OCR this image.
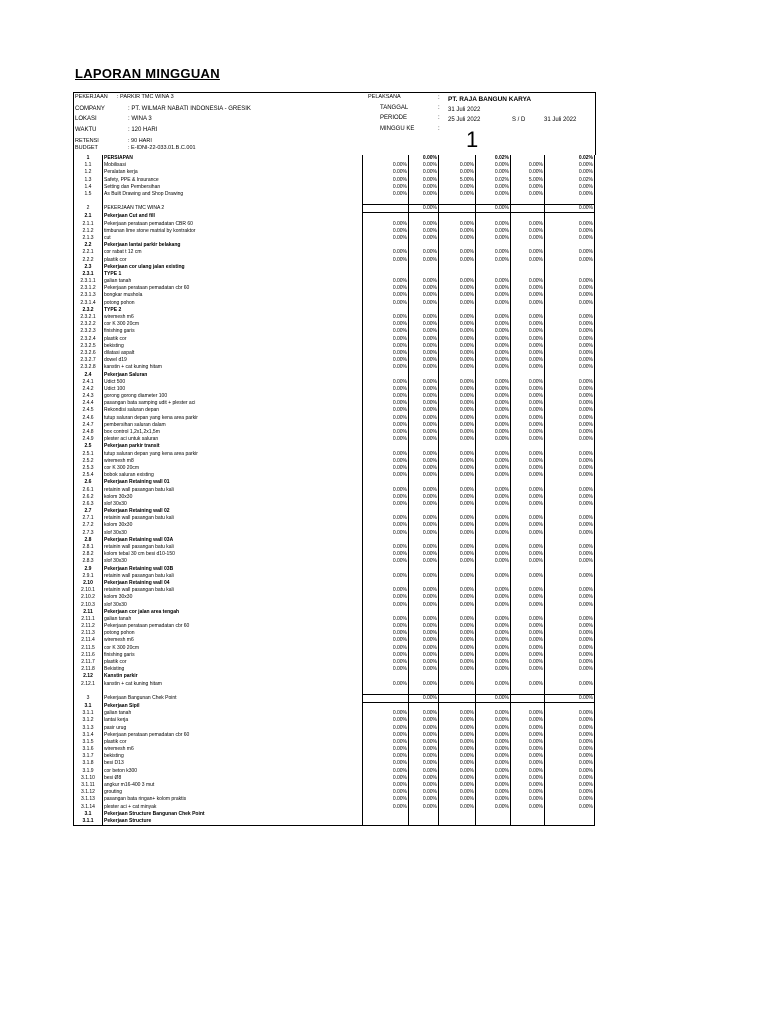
LAPORAN MINGGUAN
PEKERJAAN : PARKIR TMC WINA 3
COMPANY	: PT. WILMAR NABATI INDONESIA - GRESIK
LOKASI	: WINA 3
WAKTU	: 120 HARI
RETENSI	: 90 HARI
BUDGET	: E-IDNI-22-033.01.B.C.001
PELAKSANA	: PT. RAJA BANGUN KARYA
TANGGAL	: 31 Juli 2022
PERIODE	: 25 Juli 2022	S / D	31 Juli 2022
MINGGU KE	: 1
1	PERSIAPAN		0.00%		0.02%		0.02%
1.1	Mobilisasi	0.00%	0.00%	0.00%	0.00%	0.00%	0.00%
1.2	Peralatan kerja	0.00%	0.00%	0.00%	0.00%	0.00%	0.00%
1.3	Safety, PPE & Insurance	0.00%	0.00%	5.00%	0.02%	5.00%	0.02%
1.4	Setting dan Pembersihan	0.00%	0.00%	0.00%	0.00%	0.00%	0.00%
1.5	As Built Drawing and Shop Drawing	0.00%	0.00%	0.00%	0.00%	0.00%	0.00%

2	PEKERJAAN TMC WINA 2		0.00%		0.00%		0.00%
2.1	Pekerjaan Cut and fill						
2.1.1	Pekerjaan perataan pemadatan CBR 60	0.00%	0.00%	0.00%	0.00%	0.00%	0.00%
2.1.2	timbunan lime stone matrial by kontraktor	0.00%	0.00%	0.00%	0.00%	0.00%	0.00%
2.1.3	cut	0.00%	0.00%	0.00%	0.00%	0.00%	0.00%
2.2	Pekerjaan lantai parkir belakang						
2.2.1	cor rabat t 12 cm	0.00%	0.00%	0.00%	0.00%	0.00%	0.00%
2.2.2	plastik cor	0.00%	0.00%	0.00%	0.00%	0.00%	0.00%
2.3	Pekerjaan cor ulang jalan existing						
2.3.1	TYPE 1						
2.3.1.1	galian tanah	0.00%	0.00%	0.00%	0.00%	0.00%	0.00%
2.3.1.2	Pekerjaan perataan pemadatan cbr 60	0.00%	0.00%	0.00%	0.00%	0.00%	0.00%
2.3.1.3	bongkar mushola	0.00%	0.00%	0.00%	0.00%	0.00%	0.00%
2.3.1.4	potong pohon	0.00%	0.00%	0.00%	0.00%	0.00%	0.00%
2.3.2	TYPE 2						
2.3.2.1	wiremesh m6	0.00%	0.00%	0.00%	0.00%	0.00%	0.00%
2.3.2.2	cor K 300 20cm	0.00%	0.00%	0.00%	0.00%	0.00%	0.00%
2.3.2.3	finishing garis	0.00%	0.00%	0.00%	0.00%	0.00%	0.00%
2.3.2.4	plastik cor	0.00%	0.00%	0.00%	0.00%	0.00%	0.00%
2.3.2.5	bekisting	0.00%	0.00%	0.00%	0.00%	0.00%	0.00%
2.3.2.6	dilatasi aspalt	0.00%	0.00%	0.00%	0.00%	0.00%	0.00%
2.3.2.7	dowel d19	0.00%	0.00%	0.00%	0.00%	0.00%	0.00%
2.3.2.8	kanstin + cat kuning hitam	0.00%	0.00%	0.00%	0.00%	0.00%	0.00%
2.4	Pekerjaan Saluran						
2.4.1	Udict 500	0.00%	0.00%	0.00%	0.00%	0.00%	0.00%
2.4.2	Udict 100	0.00%	0.00%	0.00%	0.00%	0.00%	0.00%
2.4.3	gorong gorong diameter 100	0.00%	0.00%	0.00%	0.00%	0.00%	0.00%
2.4.4	pasangan bata samping udit + plester aci	0.00%	0.00%	0.00%	0.00%	0.00%	0.00%
2.4.5	Rekondisi saluran depan	0.00%	0.00%	0.00%	0.00%	0.00%	0.00%
2.4.6	tutup saluran depan yang kena area parkir	0.00%	0.00%	0.00%	0.00%	0.00%	0.00%
2.4.7	pembersihan saluran dalam	0.00%	0.00%	0.00%	0.00%	0.00%	0.00%
2.4.8	box control 1,2x1,2x1,5m	0.00%	0.00%	0.00%	0.00%	0.00%	0.00%
2.4.9	plester aci untuk saluran	0.00%	0.00%	0.00%	0.00%	0.00%	0.00%
2.5	Pekerjaan parkir transit						
2.5.1	tutup saluran depan yang kena area parkir	0.00%	0.00%	0.00%	0.00%	0.00%	0.00%
2.5.2	wiremesh m8	0.00%	0.00%	0.00%	0.00%	0.00%	0.00%
2.5.3	cor K 300 20cm	0.00%	0.00%	0.00%	0.00%	0.00%	0.00%
2.5.4	bobok saluran existing	0.00%	0.00%	0.00%	0.00%	0.00%	0.00%
2.6	Pekerjaan Retaining wall 01						
2.6.1	retainin wall pasangan batu kali	0.00%	0.00%	0.00%	0.00%	0.00%	0.00%
2.6.2	kolom 30x30	0.00%	0.00%	0.00%	0.00%	0.00%	0.00%
2.6.3	slof 30x30	0.00%	0.00%	0.00%	0.00%	0.00%	0.00%
2.7	Pekerjaan Retaining wall 02						
2.7.1	retainin wall pasangan batu kali	0.00%	0.00%	0.00%	0.00%	0.00%	0.00%
2.7.2	kolom 30x30	0.00%	0.00%	0.00%	0.00%	0.00%	0.00%
2.7.3	slof 30x30	0.00%	0.00%	0.00%	0.00%	0.00%	0.00%
2.8	Pekerjaan Retaining wall 03A						
2.8.1	retainin wall pasangan batu kali	0.00%	0.00%	0.00%	0.00%	0.00%	0.00%
2.8.2	kolom tebal 30 cm besi d10-150	0.00%	0.00%	0.00%	0.00%	0.00%	0.00%
2.8.3	slof 30x30	0.00%	0.00%	0.00%	0.00%	0.00%	0.00%
2.9	Pekerjaan Retaining wall 03B						
2.9.1	retainin wall pasangan batu kali	0.00%	0.00%	0.00%	0.00%	0.00%	0.00%
2.10	Pekerjaan Retaining wall 04						
2.10.1	retainin wall pasangan batu kali	0.00%	0.00%	0.00%	0.00%	0.00%	0.00%
2.10.2	kolom 30x30	0.00%	0.00%	0.00%	0.00%	0.00%	0.00%
2.10.3	slof 30x30	0.00%	0.00%	0.00%	0.00%	0.00%	0.00%
2.11	Pekerjaan cor jalan area tengah						
2.11.1	galian tanah	0.00%	0.00%	0.00%	0.00%	0.00%	0.00%
2.11.2	Pekerjaan perataan pemadatan cbr 60	0.00%	0.00%	0.00%	0.00%	0.00%	0.00%
2.11.3	potong pohon	0.00%	0.00%	0.00%	0.00%	0.00%	0.00%
2.11.4	wiremesh m6	0.00%	0.00%	0.00%	0.00%	0.00%	0.00%
2.11.5	cor K 300 20cm	0.00%	0.00%	0.00%	0.00%	0.00%	0.00%
2.11.6	finishing garis	0.00%	0.00%	0.00%	0.00%	0.00%	0.00%
2.11.7	plastik cor	0.00%	0.00%	0.00%	0.00%	0.00%	0.00%
2.11.8	Bekisting	0.00%	0.00%	0.00%	0.00%	0.00%	0.00%
2.12	Kanstin parkir						
2.12.1	kanstin + cat kuning hitam	0.00%	0.00%	0.00%	0.00%	0.00%	0.00%

3	Pekerjaan Bangunan Chek Point		0.00%		0.00%		0.00%
3.1	Pekerjaan Sipil						
3.1.1	galian tanah	0.00%	0.00%	0.00%	0.00%	0.00%	0.00%
3.1.2	lantai kerja	0.00%	0.00%	0.00%	0.00%	0.00%	0.00%
3.1.3	pasir urug	0.00%	0.00%	0.00%	0.00%	0.00%	0.00%
3.1.4	Pekerjaan perataan pemadatan cbr 60	0.00%	0.00%	0.00%	0.00%	0.00%	0.00%
3.1.5	plastik cor	0.00%	0.00%	0.00%	0.00%	0.00%	0.00%
3.1.6	wiremesh m6	0.00%	0.00%	0.00%	0.00%	0.00%	0.00%
3.1.7	bekisting	0.00%	0.00%	0.00%	0.00%	0.00%	0.00%
3.1.8	besi D13	0.00%	0.00%	0.00%	0.00%	0.00%	0.00%
3.1.9	cor beton k300	0.00%	0.00%	0.00%	0.00%	0.00%	0.00%
3.1.10	besi Ø8	0.00%	0.00%	0.00%	0.00%	0.00%	0.00%
3.1.11	angkur m16-400 3 mut	0.00%	0.00%	0.00%	0.00%	0.00%	0.00%
3.1.12	grouting	0.00%	0.00%	0.00%	0.00%	0.00%	0.00%
3.1.13	pasangan bata ringan+ kolom praktis	0.00%	0.00%	0.00%	0.00%	0.00%	0.00%
3.1.14	plester aci + cat minyak	0.00%	0.00%	0.00%	0.00%	0.00%	0.00%
3.1	Pekerjaan Structure Bangunan Chek Point						
3.1.1	Pekerjaan Structure						
